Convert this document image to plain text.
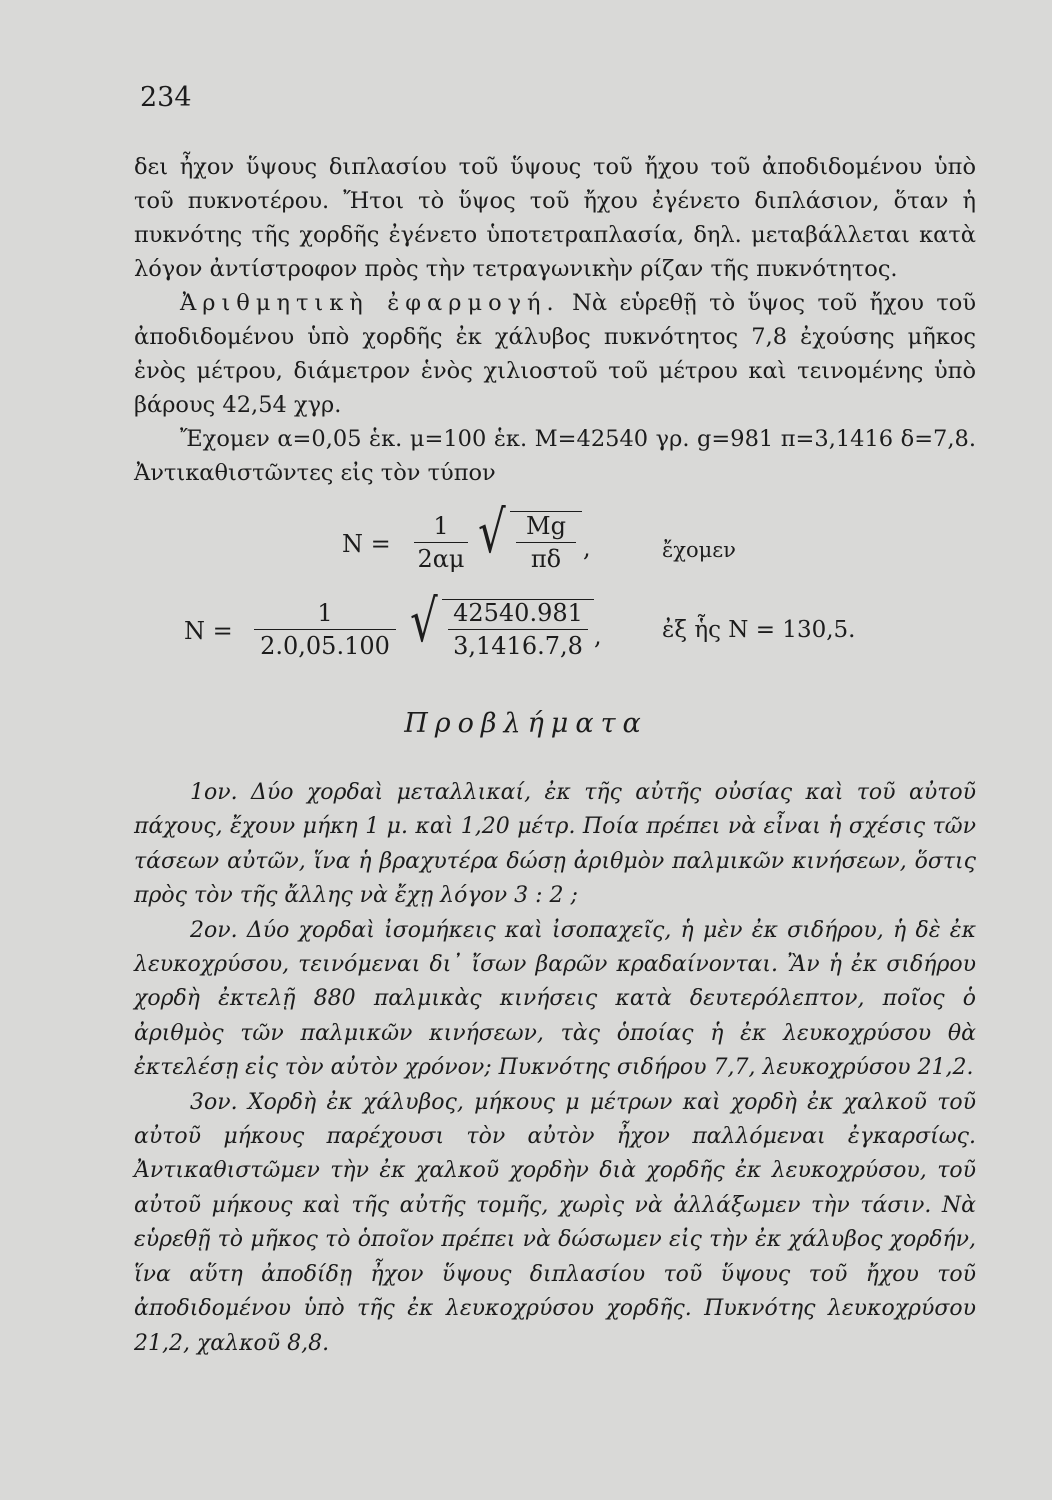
234

δει ἦχον ὕψους διπλασίου τοῦ ὕψους τοῦ ἤχου τοῦ ἀποδιδομένου ὑπὸ τοῦ πυκνοτέρου. Ἤτοι τὸ ὕψος τοῦ ἤχου ἐγένετο διπλάσιον, ὅταν ἡ πυκνότης τῆς χορδῆς ἐγένετο ὑποτετραπλασία, δηλ. μεταβάλλεται κατὰ λόγον ἀντίστροφον πρὸς τὴν τετραγωνικὴν ρίζαν τῆς πυκνότητος.

Ἀριθμητικὴ ἐφαρμογή. Νὰ εὑρεθῇ τὸ ὕψος τοῦ ἤχου τοῦ ἀποδιδομένου ὑπὸ χορδῆς ἐκ χάλυβος πυκνότητος 7,8 ἐχούσης μῆκος ἑνὸς μέτρου, διάμετρον ἑνὸς χιλιοστοῦ τοῦ μέτρου καὶ τεινομένης ὑπὸ βάρους 42,54 χγρ.

Ἔχομεν α=0,05 ἑκ. μ=100 ἑκ. Μ=42540 γρ. g=981 π=3,1416 δ=7,8. Ἀντικαθιστῶντες εἰς τὸν τύπον

$N = \frac{1}{2\alpha\mu}$ √ $\frac{Mg}{\pi\delta}$ ,	ἔχομεν
$N = \frac{1}{2.0,05.100}$ √ $\frac{42540.981}{3,1416.7,8}$ ,	ἐξ ἧς N = 130,5.
Προβλήματα

1ον. Δύο χορδαὶ μεταλλικαί, ἐκ τῆς αὐτῆς οὐσίας καὶ τοῦ αὐτοῦ πάχους, ἔχουν μήκη 1 μ. καὶ 1,20 μέτρ. Ποία πρέπει νὰ εἶναι ἡ σχέσις τῶν τάσεων αὐτῶν, ἵνα ἡ βραχυτέρα δώσῃ ἀριθμὸν παλμικῶν κινήσεων, ὅστις πρὸς τὸν τῆς ἄλλης νὰ ἔχῃ λόγον 3 : 2 ;

2ον. Δύο χορδαὶ ἰσομήκεις καὶ ἰσοπαχεῖς, ἡ μὲν ἐκ σιδήρου, ἡ δὲ ἐκ λευκοχρύσου, τεινόμεναι δι᾽ ἴσων βαρῶν κραδαίνονται. Ἂν ἡ ἐκ σιδήρου χορδὴ ἐκτελῇ 880 παλμικὰς κινήσεις κατὰ δευτερόλεπτον, ποῖος ὁ ἀριθμὸς τῶν παλμικῶν κινήσεων, τὰς ὁποίας ἡ ἐκ λευκοχρύσου θὰ ἐκτελέσῃ εἰς τὸν αὐτὸν χρόνον; Πυκνότης σιδήρου 7,7, λευκοχρύσου 21,2.

3ον. Χορδὴ ἐκ χάλυβος, μήκους μ μέτρων καὶ χορδὴ ἐκ χαλκοῦ τοῦ αὐτοῦ μήκους παρέχουσι τὸν αὐτὸν ἦχον παλλόμεναι ἐγκαρσίως. Ἀντικαθιστῶμεν τὴν ἐκ χαλκοῦ χορδὴν διὰ χορδῆς ἐκ λευκοχρύσου, τοῦ αὐτοῦ μήκους καὶ τῆς αὐτῆς τομῆς, χωρὶς νὰ ἀλλάξωμεν τὴν τάσιν. Νὰ εὑρεθῇ τὸ μῆκος τὸ ὁποῖον πρέπει νὰ δώσωμεν εἰς τὴν ἐκ χάλυβος χορδήν, ἵνα αὕτη ἀποδίδῃ ἦχον ὕψους διπλασίου τοῦ ὕψους τοῦ ἤχου τοῦ ἀποδιδομένου ὑπὸ τῆς ἐκ λευκοχρύσου χορδῆς. Πυκνότης λευκοχρύσου 21,2, χαλκοῦ 8,8.
